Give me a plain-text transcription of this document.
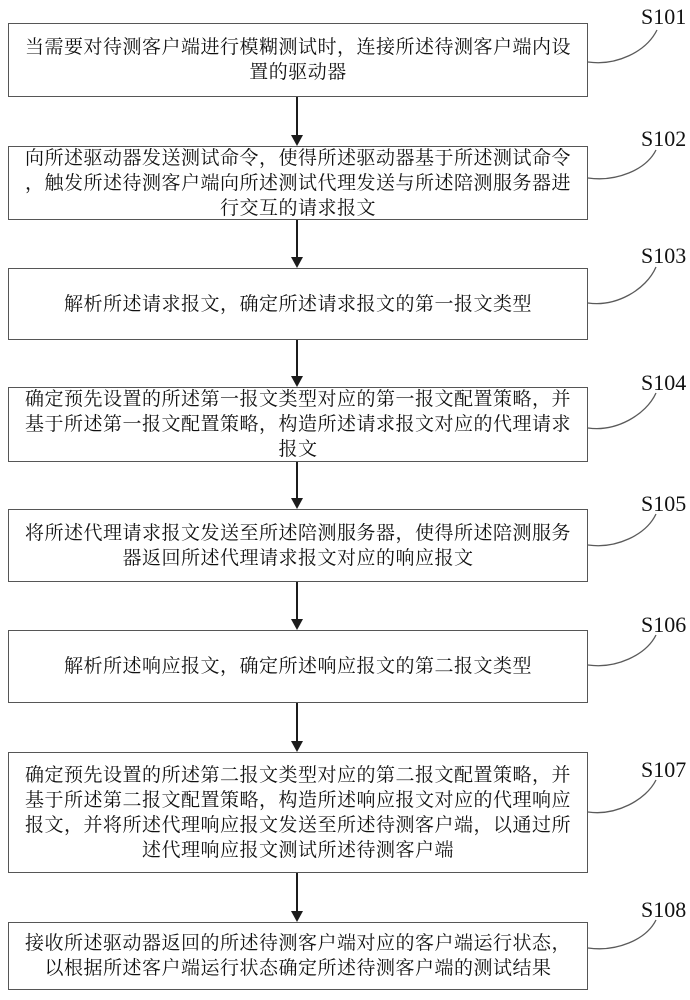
当需要对待测客户端进行模糊测试时，连接所述待测客户端内设
置的驱动器
向所述驱动器发送测试命令，使得所述驱动器基于所述测试命令
，触发所述待测客户端向所述测试代理发送与所述陪测服务器进
行交互的请求报文
解析所述请求报文，确定所述请求报文的第一报文类型
确定预先设置的所述第一报文类型对应的第一报文配置策略，并
基于所述第一报文配置策略，构造所述请求报文对应的代理请求
报文
将所述代理请求报文发送至所述陪测服务器，使得所述陪测服务
器返回所述代理请求报文对应的响应报文
解析所述响应报文，确定所述响应报文的第二报文类型
确定预先设置的所述第二报文类型对应的第二报文配置策略，并
基于所述第二报文配置策略，构造所述响应报文对应的代理响应
报文，并将所述代理响应报文发送至所述待测客户端，以通过所
述代理响应报文测试所述待测客户端
接收所述驱动器返回的所述待测客户端对应的客户端运行状态，
以根据所述客户端运行状态确定所述待测客户端的测试结果
S101
S102
S103
S104
S105
S106
S107
S108
